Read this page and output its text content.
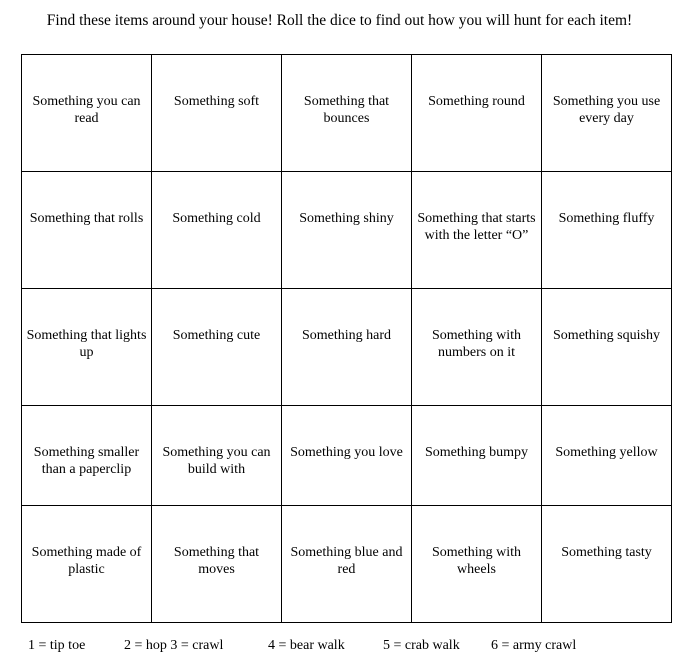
Find these items around your house! Roll the dice to find out how you will hunt for each item!
Something you can read	Something soft	Something that bounces	Something round	Something you use every day
Something that rolls	Something cold	Something shiny	Something that starts with the letter “O”	Something fluffy
Something that lights up	Something cute	Something hard	Something with numbers on it	Something squishy
Something smaller than a paperclip	Something you can build with	Something you love	Something bumpy	Something yellow
Something made of plastic	Something that moves	Something blue and red	Something with wheels	Something tasty
1 = tip toe	2 = hop 3 = crawl	4 = bear walk	5 = crab walk 6 = army crawl
